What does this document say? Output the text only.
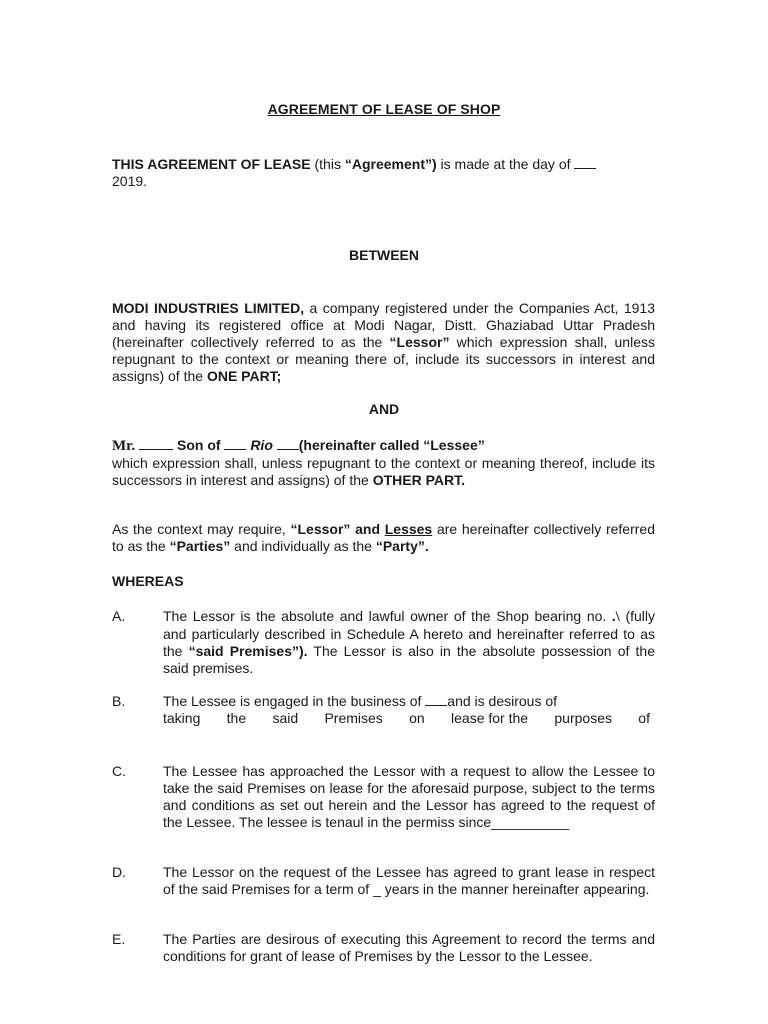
AGREEMENT OF LEASE OF SHOP
THIS AGREEMENT OF LEASE (this “Agreement”) is made at the day of
2019.
BETWEEN
MODI INDUSTRIES LIMITED, a company registered under the Companies Act, 1913 and having its registered office at Modi Nagar, Distt. Ghaziabad Uttar Pradesh (hereinafter collectively referred to as the “Lessor” which expression shall, unless repugnant to the context or meaning there of, include its successors in interest and assigns) of the ONE PART;
AND
Mr.	Son of  Rio (hereinafter called “Lessee”
which expression shall, unless repugnant to the context or meaning thereof, include its successors in interest and assigns) of the OTHER PART.
As the context may require, “Lessor” and Lesses are hereinafter collectively referred to as the “Parties” and individually as the “Party”.
WHEREAS
A.	The Lessor is the absolute and lawful owner of the Shop bearing no. .\ (fully and particularly described in Schedule A hereto and hereinafter referred to as the “said Premises”). The Lessor is also in the absolute possession of the said premises.
B.	The Lessee is engaged in the business of and is desirous of
taking the said Premises on lease for the purposes of
C.	The Lessee has approached the Lessor with a request to allow the Lessee to take the said Premises on lease for the aforesaid purpose, subject to the terms and conditions as set out herein and the Lessor has agreed to the request of the Lessee. The lessee is tenaul in the permiss since__________
D.	The Lessor on the request of the Lessee has agreed to grant lease in respect of the said Premises for a term of _ years in the manner hereinafter appearing.
E.	The Parties are desirous of executing this Agreement to record the terms and conditions for grant of lease of Premises by the Lessor to the Lessee.
